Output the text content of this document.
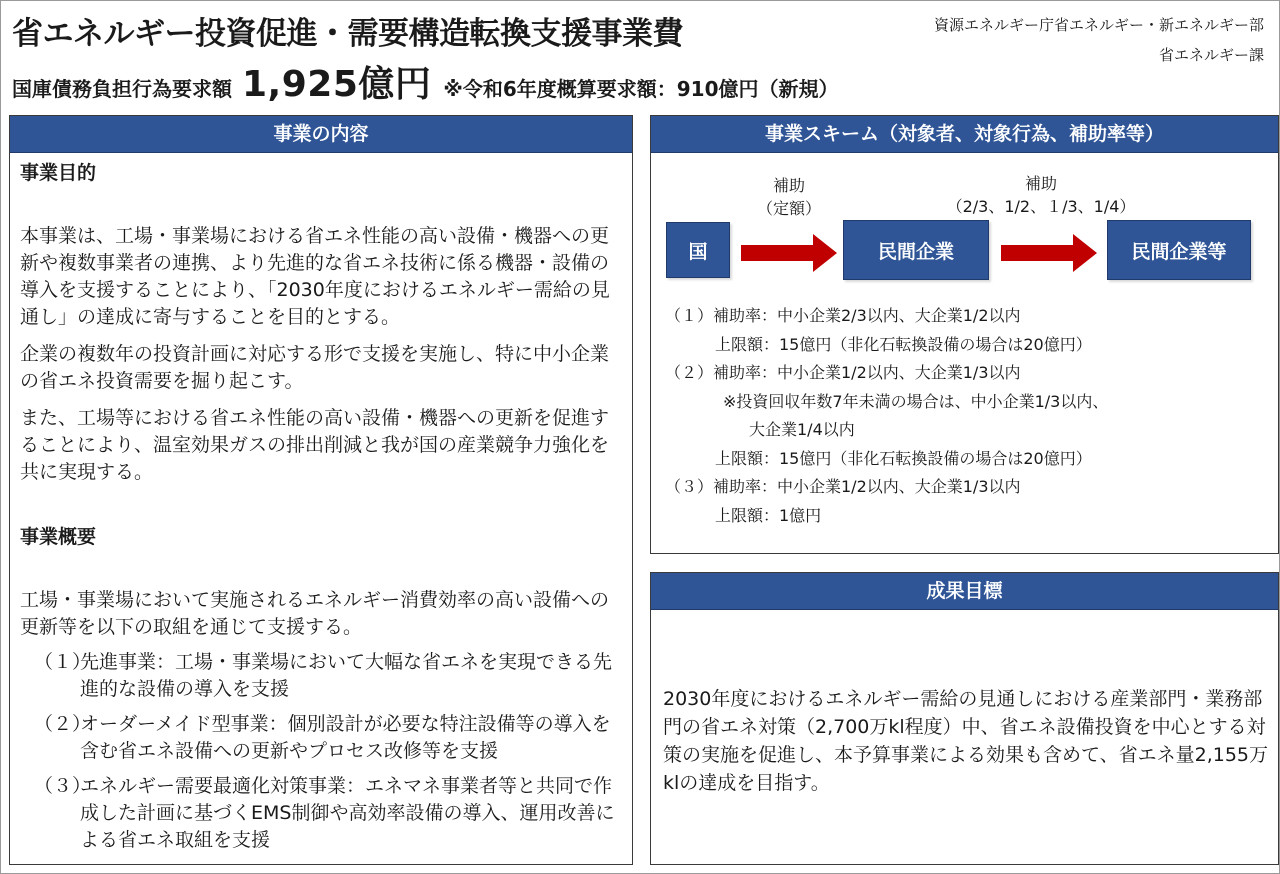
省エネルギー投資促進・需要構造転換支援事業費	資源エネルギー庁省エネルギー・新エネルギー部
省エネルギー課
国庫債務負担行為要求額 1,925億円 ※令和6年度概算要求額：910億円（新規）
事業の内容
事業目的

本事業は、工場・事業場における省エネ性能の高い設備・機器への更新や複数事業者の連携、より先進的な省エネ技術に係る機器・設備の導入を支援することにより、「2030年度におけるエネルギー需給の見通し」の達成に寄与することを目的とする。

企業の複数年の投資計画に対応する形で支援を実施し、特に中小企業の省エネ投資需要を掘り起こす。

また、工場等における省エネ性能の高い設備・機器への更新を促進することにより、温室効果ガスの排出削減と我が国の産業競争力強化を共に実現する。

事業概要

工場・事業場において実施されるエネルギー消費効率の高い設備への更新等を以下の取組を通じて支援する。

（１）
先進事業：工場・事業場において大幅な省エネを実現できる先進的な設備の導入を支援
（２）
オーダーメイド型事業：個別設計が必要な特注設備等の導入を含む省エネ設備への更新やプロセス改修等を支援
（３）
エネルギー需要最適化対策事業：エネマネ事業者等と共同で作成した計画に基づくEMS制御や高効率設備の導入、運用改善による省エネ取組を支援
事業スキーム（対象者、対象行為、補助率等）
国	民間企業	民間企業等
補助
（定額）
補助
（2/3、1/2、１/3、1/4）
（１）補助率：中小企業2/3以内、大企業1/2以内
上限額：15億円（非化石転換設備の場合は20億円）
（２）補助率：中小企業1/2以内、大企業1/3以内
※投資回収年数7年未満の場合は、中小企業1/3以内、
大企業1/4以内
上限額：15億円（非化石転換設備の場合は20億円）
（３）補助率：中小企業1/2以内、大企業1/3以内
上限額：1億円
成果目標
2030年度におけるエネルギー需給の見通しにおける産業部門・業務部門の省エネ対策（2,700万kl程度）中、省エネ設備投資を中心とする対策の実施を促進し、本予算事業による効果も含めて、省エネ量2,155万klの達成を目指す。
